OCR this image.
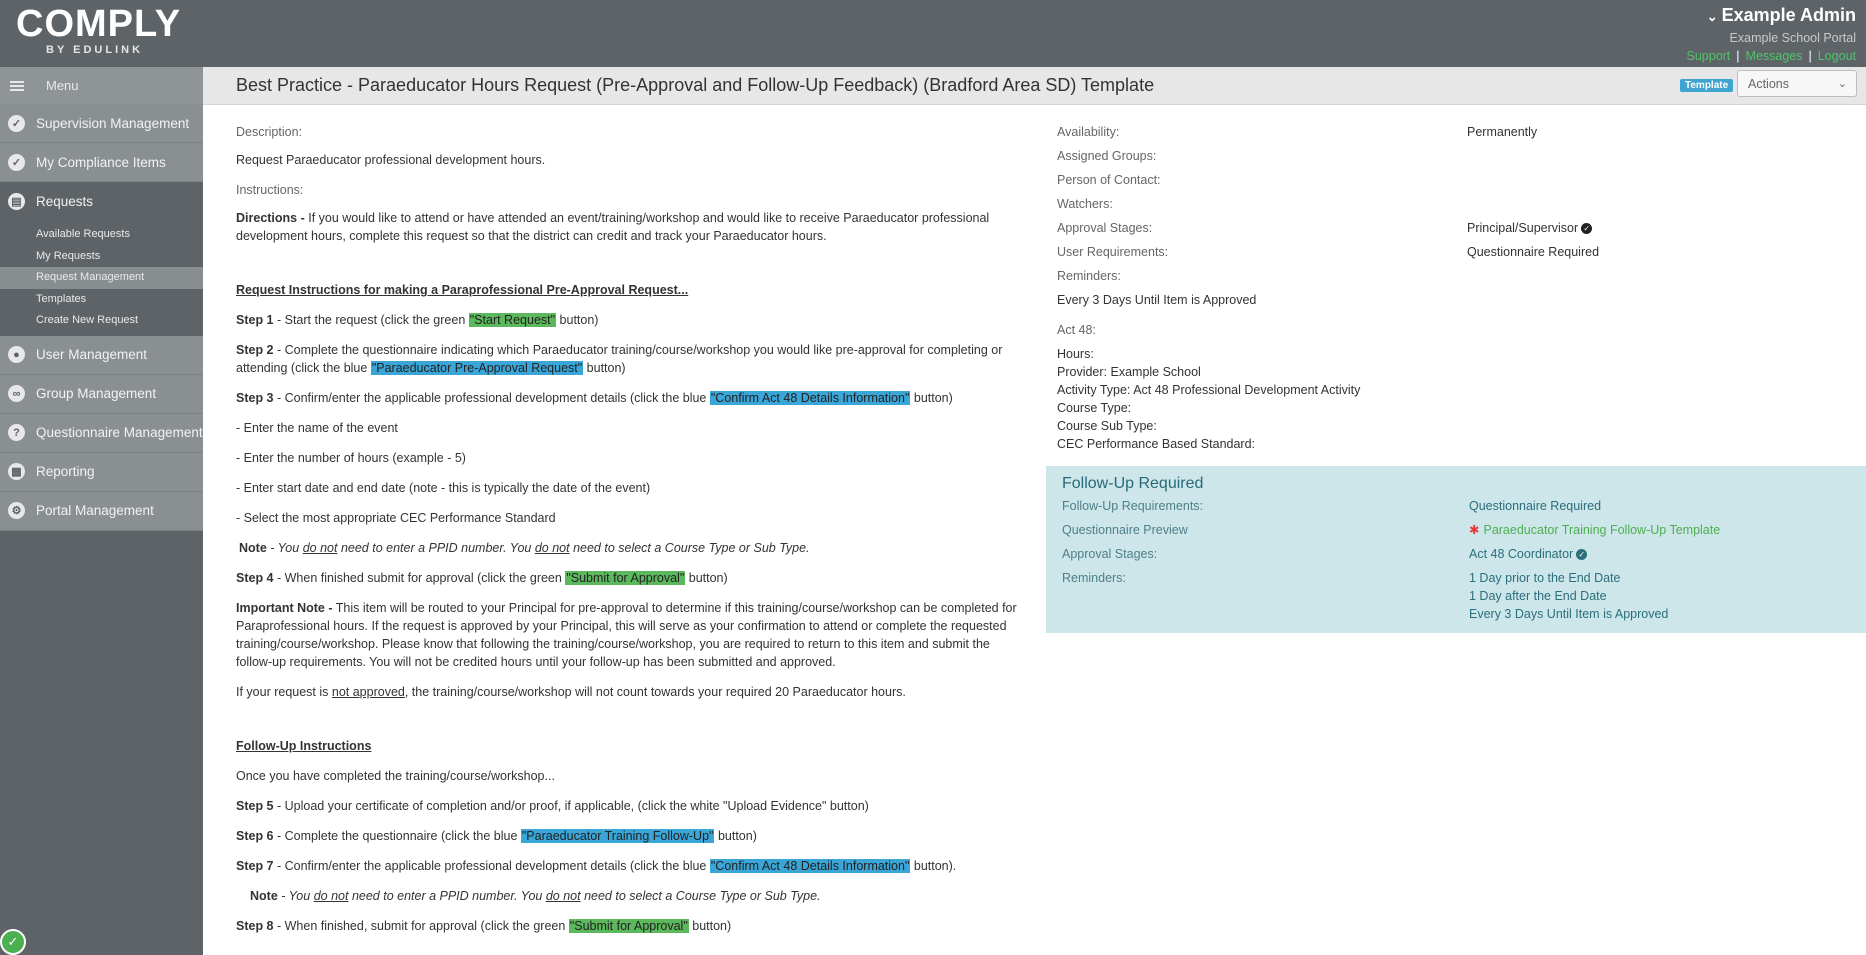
COMPLY
BY EDULINK
⌄ Example Admin
Example School Portal
Support | Messages | Logout
Menu
✓ Supervision Management
✓ My Compliance Items
▤ Requests
Available Requests
My Requests
Request Management
Templates
Create New Request
●	User Management
∞	Group Management
?	Questionnaire Management
▩ Reporting
⚙ Portal Management
✓
Best Practice - Paraeducator Hours Request (Pre-Approval and Follow-Up Feedback) (Bradford Area SD) Template	Template	Actions	⌄
Description:

Request Paraeducator professional development hours.

Instructions:

Directions - If you would like to attend or have attended an event/training/workshop and would like to receive Paraeducator professional development hours, complete this request so that the district can credit and track your Paraeducator hours.

Request Instructions for making a Paraprofessional Pre-Approval Request...

Step 1 - Start the request (click the green "Start Request" button)

Step 2 - Complete the questionnaire indicating which Paraeducator training/course/workshop you would like pre-approval for completing or attending (click the blue "Paraeducator Pre-Approval Request" button)

Step 3 - Confirm/enter the applicable professional development details (click the blue "Confirm Act 48 Details Information" button)

- Enter the name of the event

- Enter the number of hours (example - 5)

- Enter start date and end date (note - this is typically the date of the event)

- Select the most appropriate CEC Performance Standard

Note - You do not need to enter a PPID number. You do not need to select a Course Type or Sub Type.

Step 4 - When finished submit for approval (click the green "Submit for Approval" button)

Important Note - This item will be routed to your Principal for pre-approval to determine if this training/course/workshop can be completed for Paraprofessional hours. If the request is approved by your Principal, this will serve as your confirmation to attend or complete the requested training/course/workshop. Please know that following the training/course/workshop, you are required to return to this item and submit the follow-up requirements. You will not be credited hours until your follow-up has been submitted and approved.

If your request is not approved, the training/course/workshop will not count towards your required 20 Paraeducator hours.

Follow-Up Instructions

Once you have completed the training/course/workshop...

Step 5 - Upload your certificate of completion and/or proof, if applicable, (click the white "Upload Evidence" button)

Step 6 - Complete the questionnaire (click the blue "Paraeducator Training Follow-Up" button)

Step 7 - Confirm/enter the applicable professional development details (click the blue "Confirm Act 48 Details Information" button).

Note - You do not need to enter a PPID number. You do not need to select a Course Type or Sub Type.

Step 8 - When finished, submit for approval (click the green "Submit for Approval" button)

Availability:	Permanently
Assigned Groups:
Person of Contact:
Watchers:
Approval Stages:	Principal/Supervisor ✓
User Requirements:	Questionnaire Required
Reminders:
Every 3 Days Until Item is Approved
Act 48:
Hours:
Provider: Example School
Activity Type: Act 48 Professional Development Activity
Course Type:
Course Sub Type:
CEC Performance Based Standard:
Follow-Up Required
Follow-Up Requirements:	Questionnaire Required
Questionnaire Preview	✱ Paraeducator Training Follow-Up Template
Approval Stages:	Act 48 Coordinator ✓
Reminders:	1 Day prior to the End Date
1 Day after the End Date
Every 3 Days Until Item is Approved
